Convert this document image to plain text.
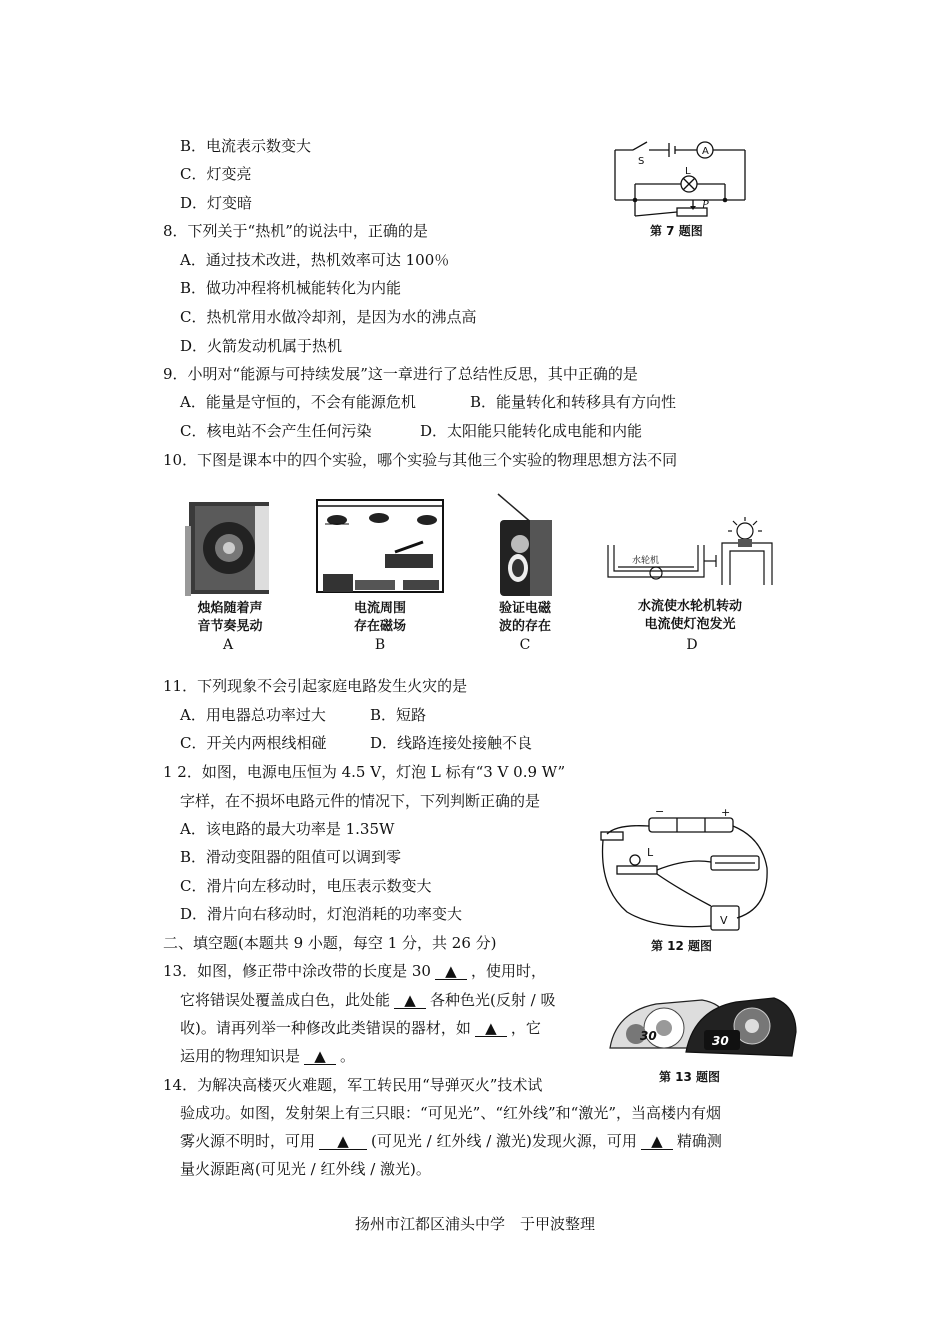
B．电流表示数变大
C．灯变亮
D．灯变暗
A
S
L
P
第 7 题图
8．下列关于“热机”的说法中，正确的是
A．通过技术改进，热机效率可达 100％
B．做功冲程将机械能转化为内能
C．热机常用水做冷却剂，是因为水的沸点高
D．火箭发动机属于热机
9．小明对“能源与可持续发展”这一章进行了总结性反思，其中正确的是
A．能量是守恒的，不会有能源危机	B．能量转化和转移具有方向性
C．核电站不会产生任何污染	D．太阳能只能转化成电能和内能
10．下图是课本中的四个实验，哪个实验与其他三个实验的物理思想方法不同
烛焰随着声
音节奏晃动
A
电流周围
存在磁场
B
验证电磁
波的存在
C
水轮机
水流使水轮机转动
电流使灯泡发光
D
11．下列现象不会引起家庭电路发生火灾的是
A．用电器总功率过大	B．短路
C．开关内两根线相碰	D．线路连接处接触不良
1 2．如图，电源电压恒为 4.5 V，灯泡 L 标有“3 V 0.9 W”
字样，在不损坏电路元件的情况下，下列判断正确的是
A．该电路的最大功率是 1.35W
B．滑动变阻器的阻值可以调到零
C．滑片向左移动时，电压表示数变大
D．滑片向右移动时，灯泡消耗的功率变大
−	+
L
V
第 12 题图
二、填空题(本题共 9 小题，每空 1 分，共 26 分)
13．如图，修正带中涂改带的长度是 30 ▲ ，使用时，
它将错误处覆盖成白色，此处能 ▲ 各种色光(反射 / 吸
收)。请再列举一种修改此类错误的器材，如 ▲ ，它
运用的物理知识是 ▲ 。
30	30
第 13 题图
14．为解决高楼灭火难题，军工转民用“导弹灭火”技术试
验成功。如图，发射架上有三只眼：“可见光”、“红外线”和“激光”，当高楼内有烟
雾火源不明时，可用 ▲ (可见光 / 红外线 / 激光)发现火源，可用 ▲ 精确测
量火源距离(可见光 / 红外线 / 激光)。
扬州市江都区浦头中学　于甲波整理
